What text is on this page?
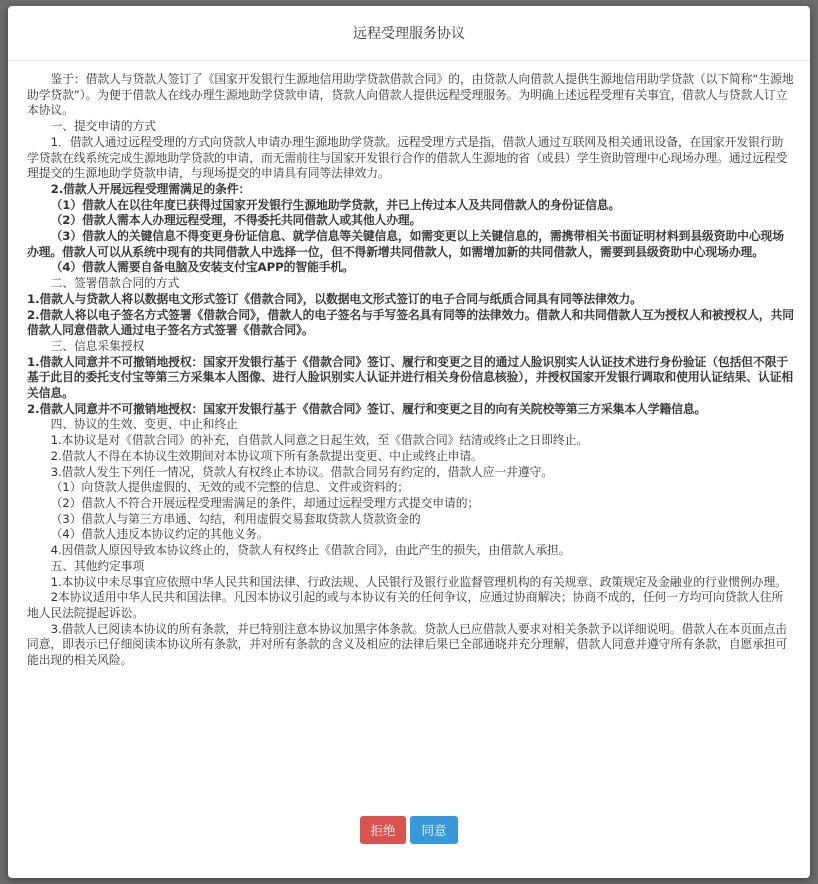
远程受理服务协议

鉴于：借款人与贷款人签订了《国家开发银行生源地信用助学贷款借款合同》的，由贷款人向借款人提供生源地信用助学贷款（以下简称“生源地助学贷款”）。为便于借款人在线办理生源地助学贷款申请，贷款人向借款人提供远程受理服务。为明确上述远程受理有关事宜，借款人与贷款人订立本协议。

一、提交申请的方式

1．借款人通过远程受理的方式向贷款人申请办理生源地助学贷款。远程受理方式是指，借款人通过互联网及相关通讯设备，在国家开发银行助学贷款在线系统完成生源地助学贷款的申请，而无需前往与国家开发银行合作的借款人生源地的省（或县）学生资助管理中心现场办理。通过远程受理提交的生源地助学贷款申请，与现场提交的申请具有同等法律效力。

2.借款人开展远程受理需满足的条件：

（1）借款人在以往年度已获得过国家开发银行生源地助学贷款，并已上传过本人及共同借款人的身份证信息。

（2）借款人需本人办理远程受理，不得委托共同借款人或其他人办理。

（3）借款人的关键信息不得变更身份证信息、就学信息等关键信息，如需变更以上关键信息的，需携带相关书面证明材料到县级资助中心现场办理。借款人可以从系统中现有的共同借款人中选择一位，但不得新增共同借款人，如需增加新的共同借款人，需要到县级资助中心现场办理。

（4）借款人需要自备电脑及安装支付宝APP的智能手机。

二、签署借款合同的方式

1.借款人与贷款人将以数据电文形式签订《借款合同》，以数据电文形式签订的电子合同与纸质合同具有同等法律效力。

2.借款人将以电子签名方式签署《借款合同》，借款人的电子签名与手写签名具有同等的法律效力。借款人和共同借款人互为授权人和被授权人，共同借款人同意借款人通过电子签名方式签署《借款合同》。

三、信息采集授权

1.借款人同意并不可撤销地授权：国家开发银行基于《借款合同》签订、履行和变更之目的通过人脸识别实人认证技术进行身份验证（包括但不限于基于此目的委托支付宝等第三方采集本人图像、进行人脸识别实人认证并进行相关身份信息核验），并授权国家开发银行调取和使用认证结果、认证相关信息。

2.借款人同意并不可撤销地授权：国家开发银行基于《借款合同》签订、履行和变更之目的向有关院校等第三方采集本人学籍信息。

四、协议的生效、变更、中止和终止

1.本协议是对《借款合同》的补充，自借款人同意之日起生效，至《借款合同》结清或终止之日即终止。

2.借款人不得在本协议生效期间对本协议项下所有条款提出变更、中止或终止申请。

3.借款人发生下列任一情况，贷款人有权终止本协议。借款合同另有约定的，借款人应一并遵守。

（1）向贷款人提供虚假的、无效的或不完整的信息、文件或资料的；

（2）借款人不符合开展远程受理需满足的条件，却通过远程受理方式提交申请的；

（3）借款人与第三方串通、勾结，利用虚假交易套取贷款人贷款资金的

（4）借款人违反本协议约定的其他义务。

4.因借款人原因导致本协议终止的，贷款人有权终止《借款合同》，由此产生的损失，由借款人承担。

五、其他约定事项

1.本协议中未尽事宜应依照中华人民共和国法律、行政法规、人民银行及银行业监督管理机构的有关规章、政策规定及金融业的行业惯例办理。

2本协议适用中华人民共和国法律。凡因本协议引起的或与本协议有关的任何争议，应通过协商解决；协商不成的，任何一方均可向贷款人住所地人民法院提起诉讼。

3.借款人已阅读本协议的所有条款，并已特别注意本协议加黑字体条款。贷款人已应借款人要求对相关条款予以详细说明。借款人在本页面点击同意，即表示已仔细阅读本协议所有条款，并对所有条款的含义及相应的法律后果已全部通晓并充分理解，借款人同意并遵守所有条款，自愿承担可能出现的相关风险。

拒绝	同意
